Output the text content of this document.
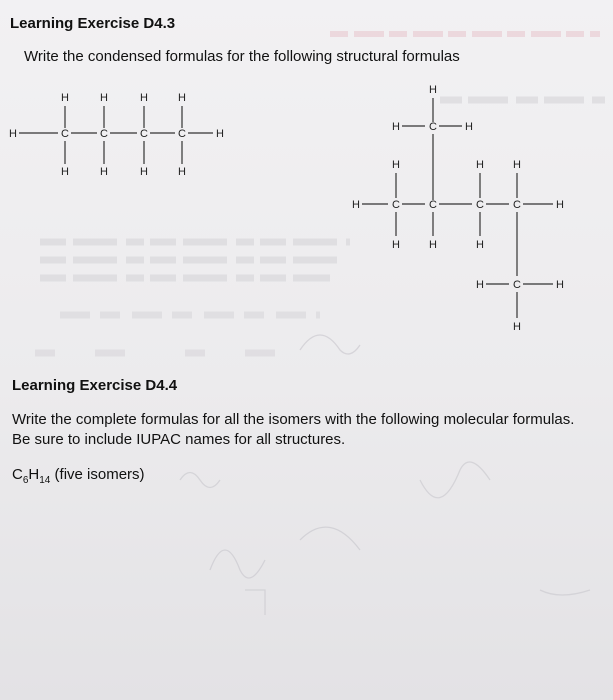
Learning Exercise D4.3
Write the condensed formulas for the following structural formulas
H	H	H	H
H	C	C	C	C	H
H	H	H	H
H
H	C	H
H	H	H
H	C	C	C	C	H
H	H	H
H	C	H
H
Learning Exercise D4.4
Write the complete formulas for all the isomers with the following molecular formulas.
Be sure to include IUPAC names for all structures.
$C_6H_{14}$ (five isomers)
